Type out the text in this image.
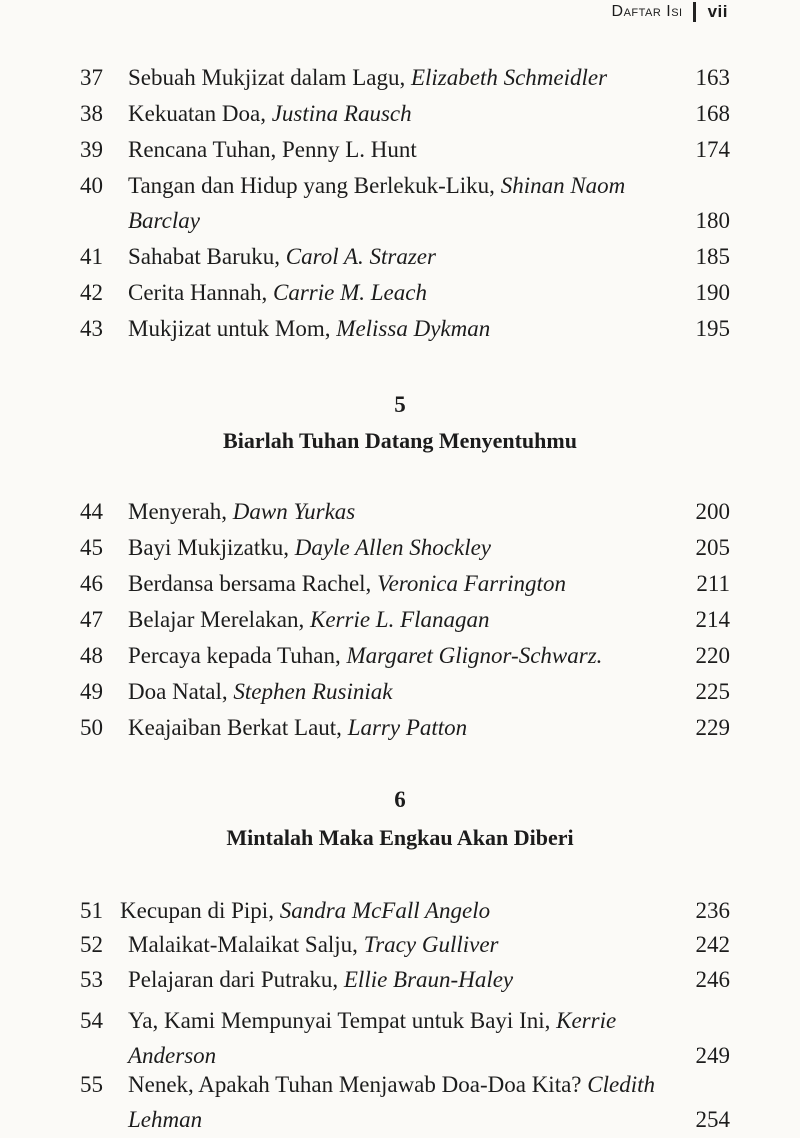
Daftar Isi vii
37 Sebuah Mukjizat dalam Lagu, Elizabeth Schmeidler	163
38 Kekuatan Doa, Justina Rausch	168
39 Rencana Tuhan, Penny L. Hunt	174
40 Tangan dan Hidup yang Berlekuk-Liku, Shinan Naom Barclay	180
41 Sahabat Baruku, Carol A. Strazer	185
42 Cerita Hannah, Carrie M. Leach	190
43 Mukjizat untuk Mom, Melissa Dykman	195
5
Biarlah Tuhan Datang Menyentuhmu
44 Menyerah, Dawn Yurkas	200
45 Bayi Mukjizatku, Dayle Allen Shockley	205
46 Berdansa bersama Rachel, Veronica Farrington	211
47 Belajar Merelakan, Kerrie L. Flanagan	214
48 Percaya kepada Tuhan, Margaret Glignor-Schwarz.	220
49 Doa Natal, Stephen Rusiniak	225
50 Keajaiban Berkat Laut, Larry Patton	229
6
Mintalah Maka Engkau Akan Diberi
51 Kecupan di Pipi, Sandra McFall Angelo	236
52 Malaikat-Malaikat Salju, Tracy Gulliver	242
53 Pelajaran dari Putraku, Ellie Braun-Haley	246
54 Ya, Kami Mempunyai Tempat untuk Bayi Ini, Kerrie Anderson	249
55 Nenek, Apakah Tuhan Menjawab Doa-Doa Kita? Cledith Lehman	254
